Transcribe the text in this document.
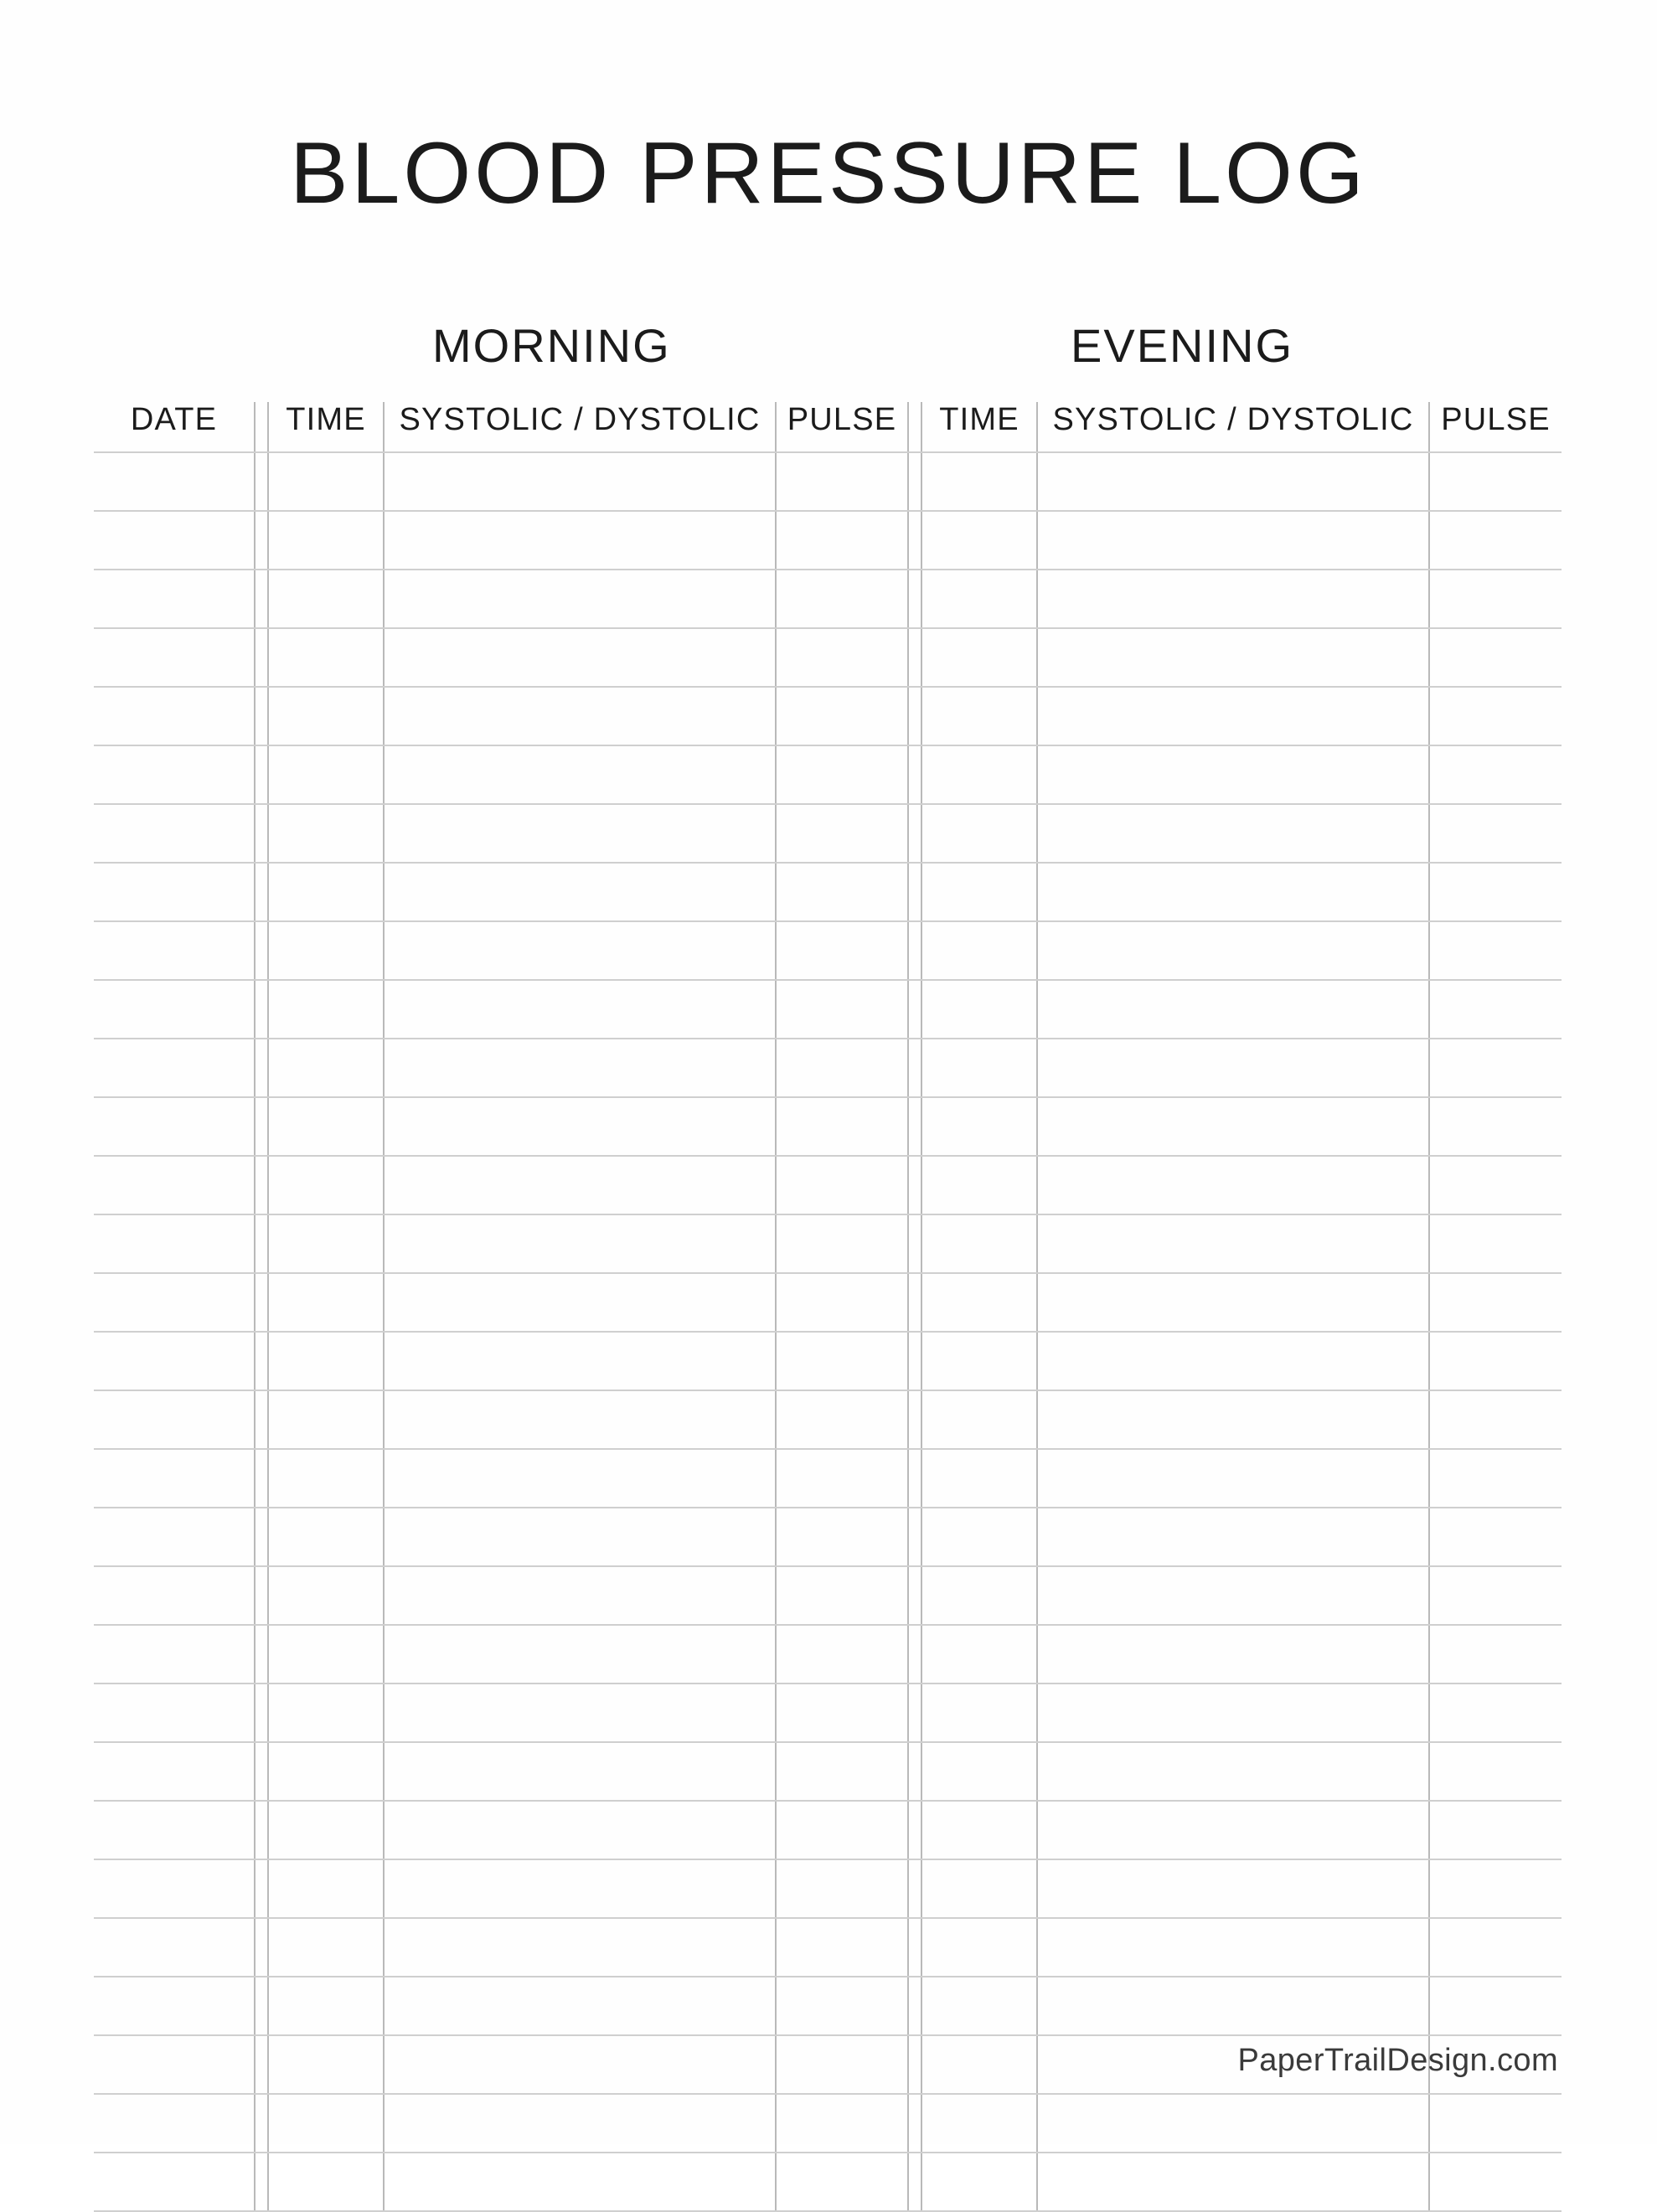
BLOOD PRESSURE LOG
MORNING	EVENING
DATE		TIME	SYSTOLIC / DYSTOLIC	PULSE		TIME	SYSTOLIC / DYSTOLIC	PULSE

PaperTrailDesign.com
